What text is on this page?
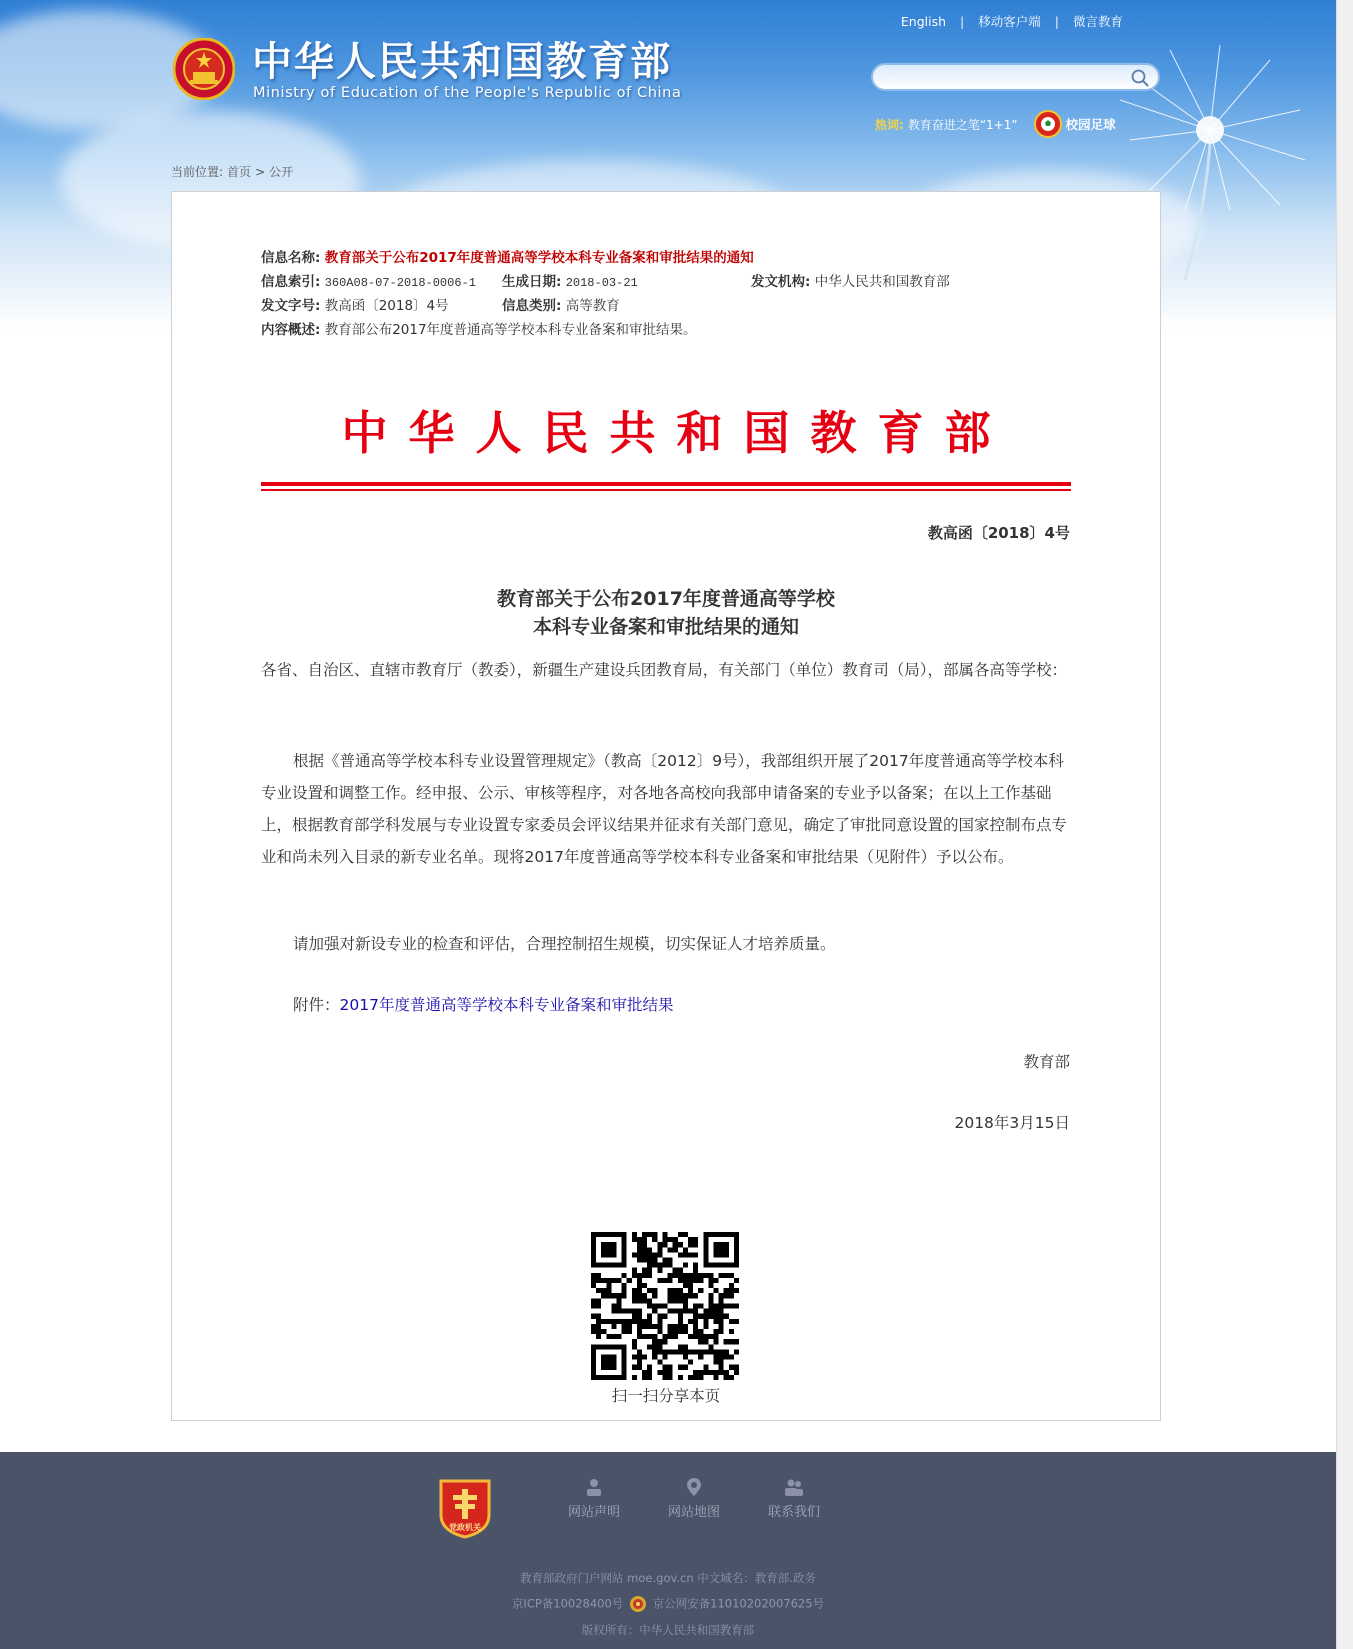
中华人民共和国教育部
Ministry of Education of the People's Republic of China
English | 移动客户端 | 微言教育
热词: 教育奋进之笔“1+1”	校园足球
当前位置: 首页 > 公开
信息名称: 教育部关于公布2017年度普通高等学校本科专业备案和审批结果的通知
信息索引: 360A08-07-2018-0006-1 生成日期: 2018-03-21	发文机构: 中华人民共和国教育部
发文字号: 教高函〔2018〕4号	信息类别: 高等教育
内容概述: 教育部公布2017年度普通高等学校本科专业备案和审批结果。
中华人民共和国教育部
教高函〔2018〕4号
教育部关于公布2017年度普通高等学校
本科专业备案和审批结果的通知

各省、自治区、直辖市教育厅（教委），新疆生产建设兵团教育局，有关部门（单位）教育司（局），部属各高等学校：

根据《普通高等学校本科专业设置管理规定》（教高〔2012〕9号），我部组织开展了2017年度普通高等学校本科专业设置和调整工作。经申报、公示、审核等程序，对各地各高校向我部申请备案的专业予以备案；在以上工作基础上，根据教育部学科发展与专业设置专家委员会评议结果并征求有关部门意见，确定了审批同意设置的国家控制布点专业和尚未列入目录的新专业名单。现将2017年度普通高等学校本科专业备案和审批结果（见附件）予以公布。

请加强对新设专业的检查和评估，合理控制招生规模，切实保证人才培养质量。

附件：2017年度普通高等学校本科专业备案和审批结果

教育部
2018年3月15日
扫一扫分享本页
党政机关
网站声明	网站地图	联系我们
教育部政府门户网站 moe.gov.cn 中文域名：教育部.政务
京ICP备10028400号	京公网安备11010202007625号
版权所有：中华人民共和国教育部
